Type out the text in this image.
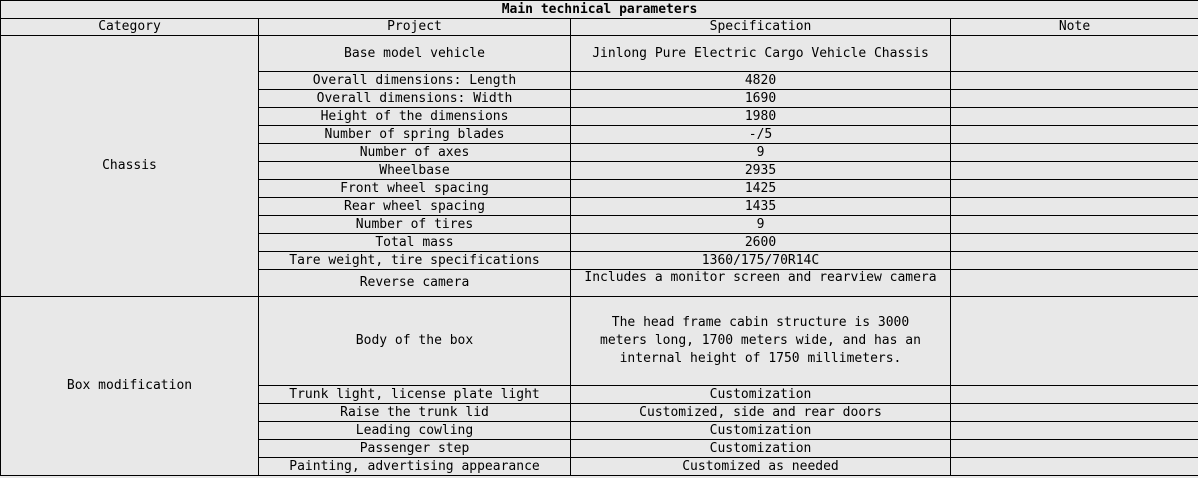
Main technical parameters			
Category	Project	Specification	Note
Chassis	Base model vehicle	Jinlong Pure Electric Cargo Vehicle Chassis	
	Overall dimensions: Length	4820	
	Overall dimensions: Width	1690	
	Height of the dimensions	1980	
	Number of spring blades	-/5	
	Number of axes	9	
	Wheelbase	2935	
	Front wheel spacing	1425	
	Rear wheel spacing	1435	
	Number of tires	9	
	Total mass	2600	
	Tare weight, tire specifications	1360/175/70R14C	
	Reverse camera	Includes a monitor screen and rearview camera	
Box modification	Body of the box	The head frame cabin structure is 3000 meters long, 1700 meters wide, and has an internal height of 1750 millimeters.	
	Trunk light, license plate light	Customization	
	Raise the trunk lid	Customized, side and rear doors	
	Leading cowling	Customization	
	Passenger step	Customization	
	Painting, advertising appearance	Customized as needed	
